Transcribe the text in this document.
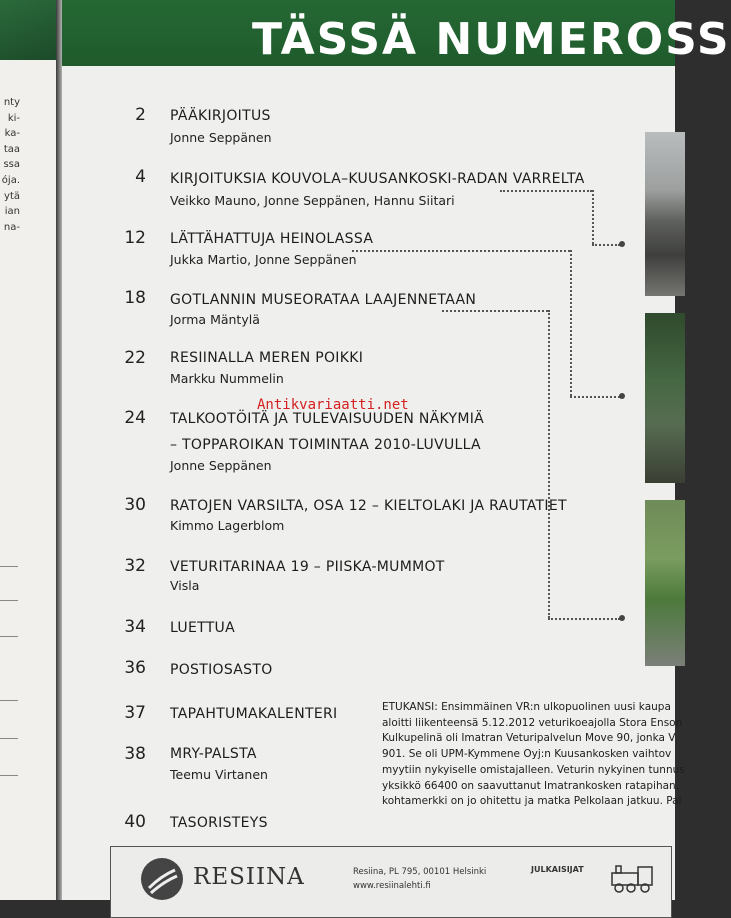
nty
ki-
ka-
taa
ssa
ója.
ytä
ian
na-
TÄSSÄ NUMEROSS
2 PÄÄKIRJOITUS
Jonne Seppänen
4 KIRJOITUKSIA KOUVOLA–KUUSANKOSKI-RADAN VARRELTA
Veikko Mauno, Jonne Seppänen, Hannu Siitari
12 LÄTTÄHATTUJA HEINOLASSA
Jukka Martio, Jonne Seppänen
18 GOTLANNIN MUSEORATAA LAAJENNETAAN
Jorma Mäntylä
22 RESIINALLA MEREN POIKKI
Markku Nummelin
24 TALKOOTÖITÄ JA TULEVAISUUDEN NÄKYMIÄ
– TOPPAROIKAN TOIMINTAA 2010-LUVULLA
Jonne Seppänen
30 RATOJEN VARSILTA, OSA 12 – KIELTOLAKI JA RAUTATIET
Kimmo Lagerblom
32 VETURITARINAA 19 – PIISKA-MUMMOT
Visla
34 LUETTUA
36 POSTIOSASTO
37 TAPAHTUMAKALENTERI
38 MRY-PALSTA
Teemu Virtanen
40 TASORISTEYS
ETUKANSI: Ensimmäinen VR:n ulkopuolinen uusi kaupa
aloitti liikenteensä 5.12.2012 veturikoeajolla Stora Enson
Kulkupelinä oli Imatran Veturipalvelun Move 90, jonka V
901. Se oli UPM-Kymmene Oyj:n Kuusankosken vaihtov
myytiin nykyiselle omistajalleen. Veturin nykyinen tunnus
yksikkö 66400 on saavuttanut Imatrankosken ratapihan.
kohtamerkki on jo ohitettu ja matka Pelkolaan jatkuu. Pal
RESIINA	Resiina, PL 795, 00101 Helsinki
www.resiinalehti.fi
JULKAISIJAT
Antikvariaatti.net
